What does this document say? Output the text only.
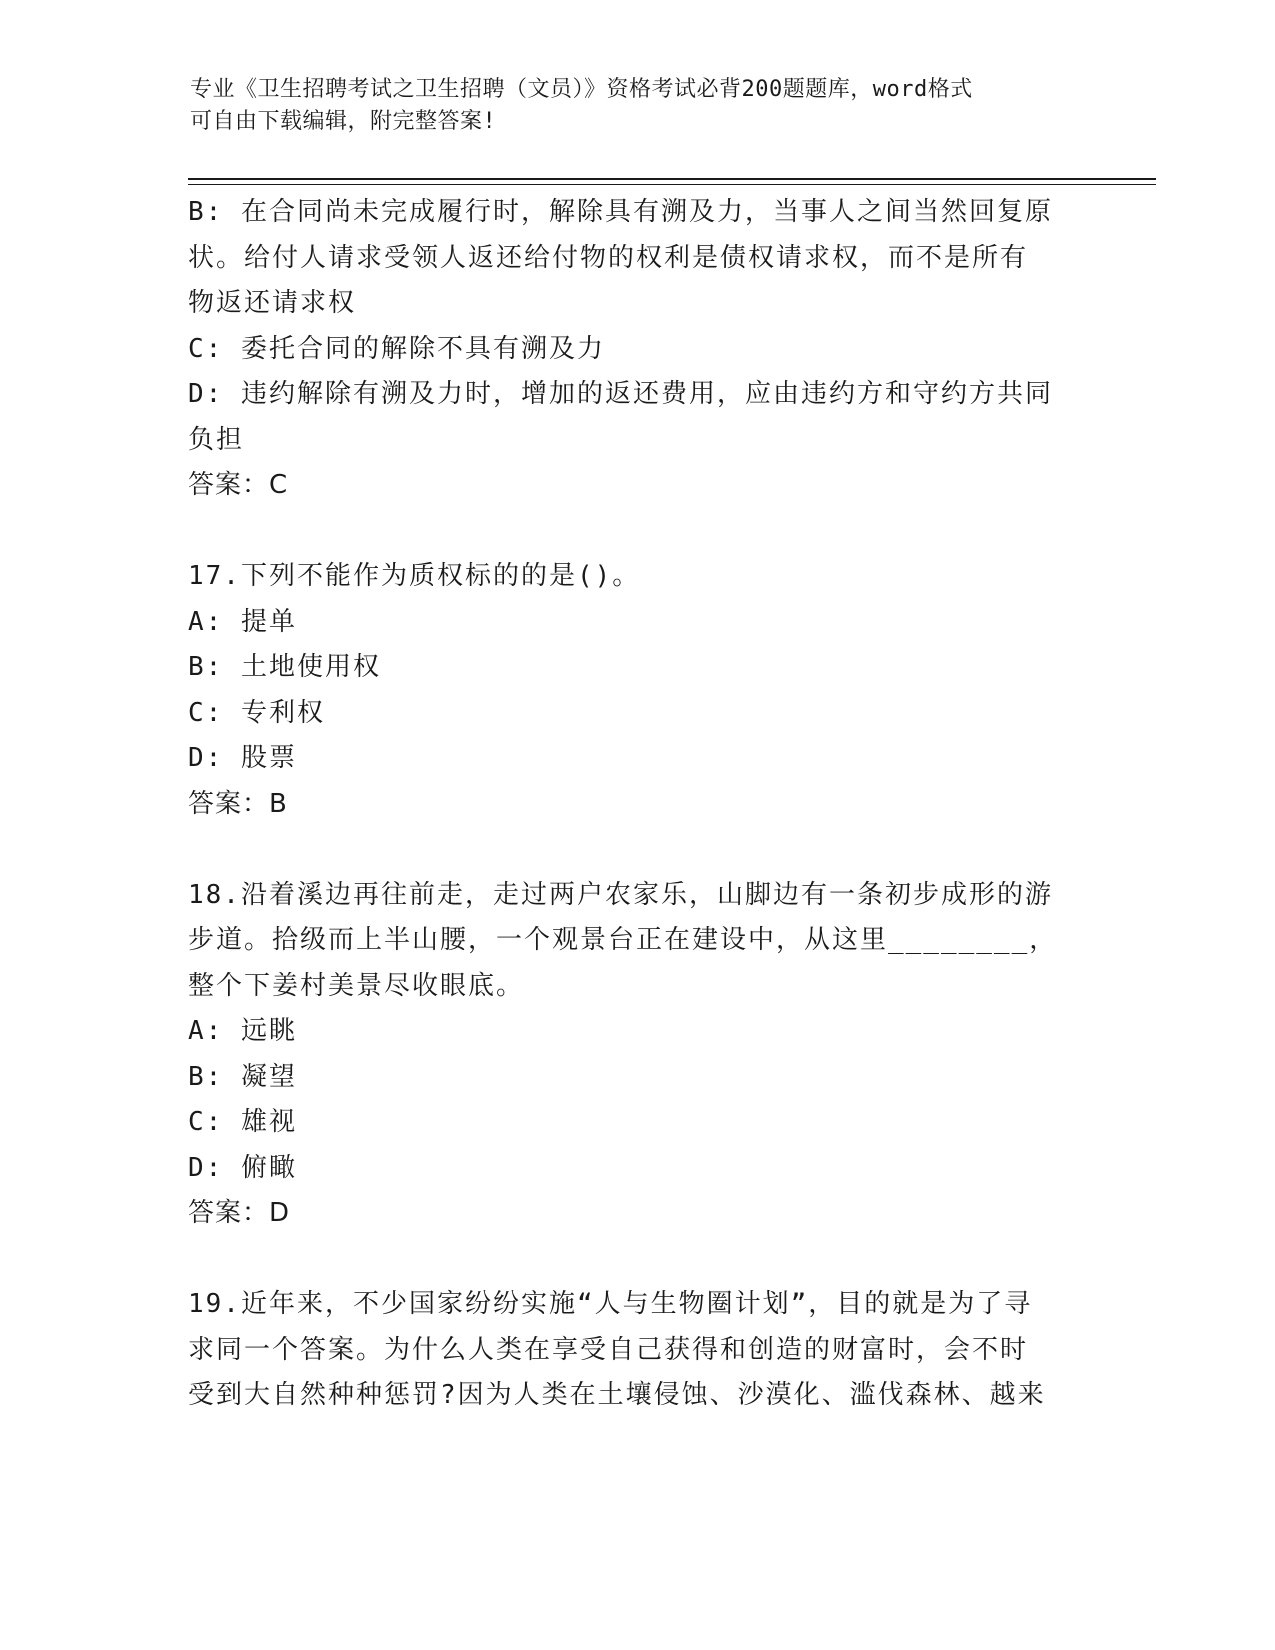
专业《卫生招聘考试之卫生招聘（文员）》资格考试必背200题题库，word格式
可自由下载编辑，附完整答案!
B: 在合同尚未完成履行时，解除具有溯及力，当事人之间当然回复原
状。给付人请求受领人返还给付物的权利是债权请求权，而不是所有
物返还请求权
C: 委托合同的解除不具有溯及力
D: 违约解除有溯及力时，增加的返还费用，应由违约方和守约方共同
负担
答案：C
17.下列不能作为质权标的的是()。
A: 提单
B: 土地使用权
C: 专利权
D: 股票
答案：B
18.沿着溪边再往前走，走过两户农家乐，山脚边有一条初步成形的游
步道。拾级而上半山腰，一个观景台正在建设中，从这里________，
整个下姜村美景尽收眼底。
A: 远眺
B: 凝望
C: 雄视
D: 俯瞰
答案：D
19.近年来，不少国家纷纷实施“人与生物圈计划”，目的就是为了寻
求同一个答案。为什么人类在享受自己获得和创造的财富时，会不时
受到大自然种种惩罚?因为人类在土壤侵蚀、沙漠化、滥伐森林、越来
